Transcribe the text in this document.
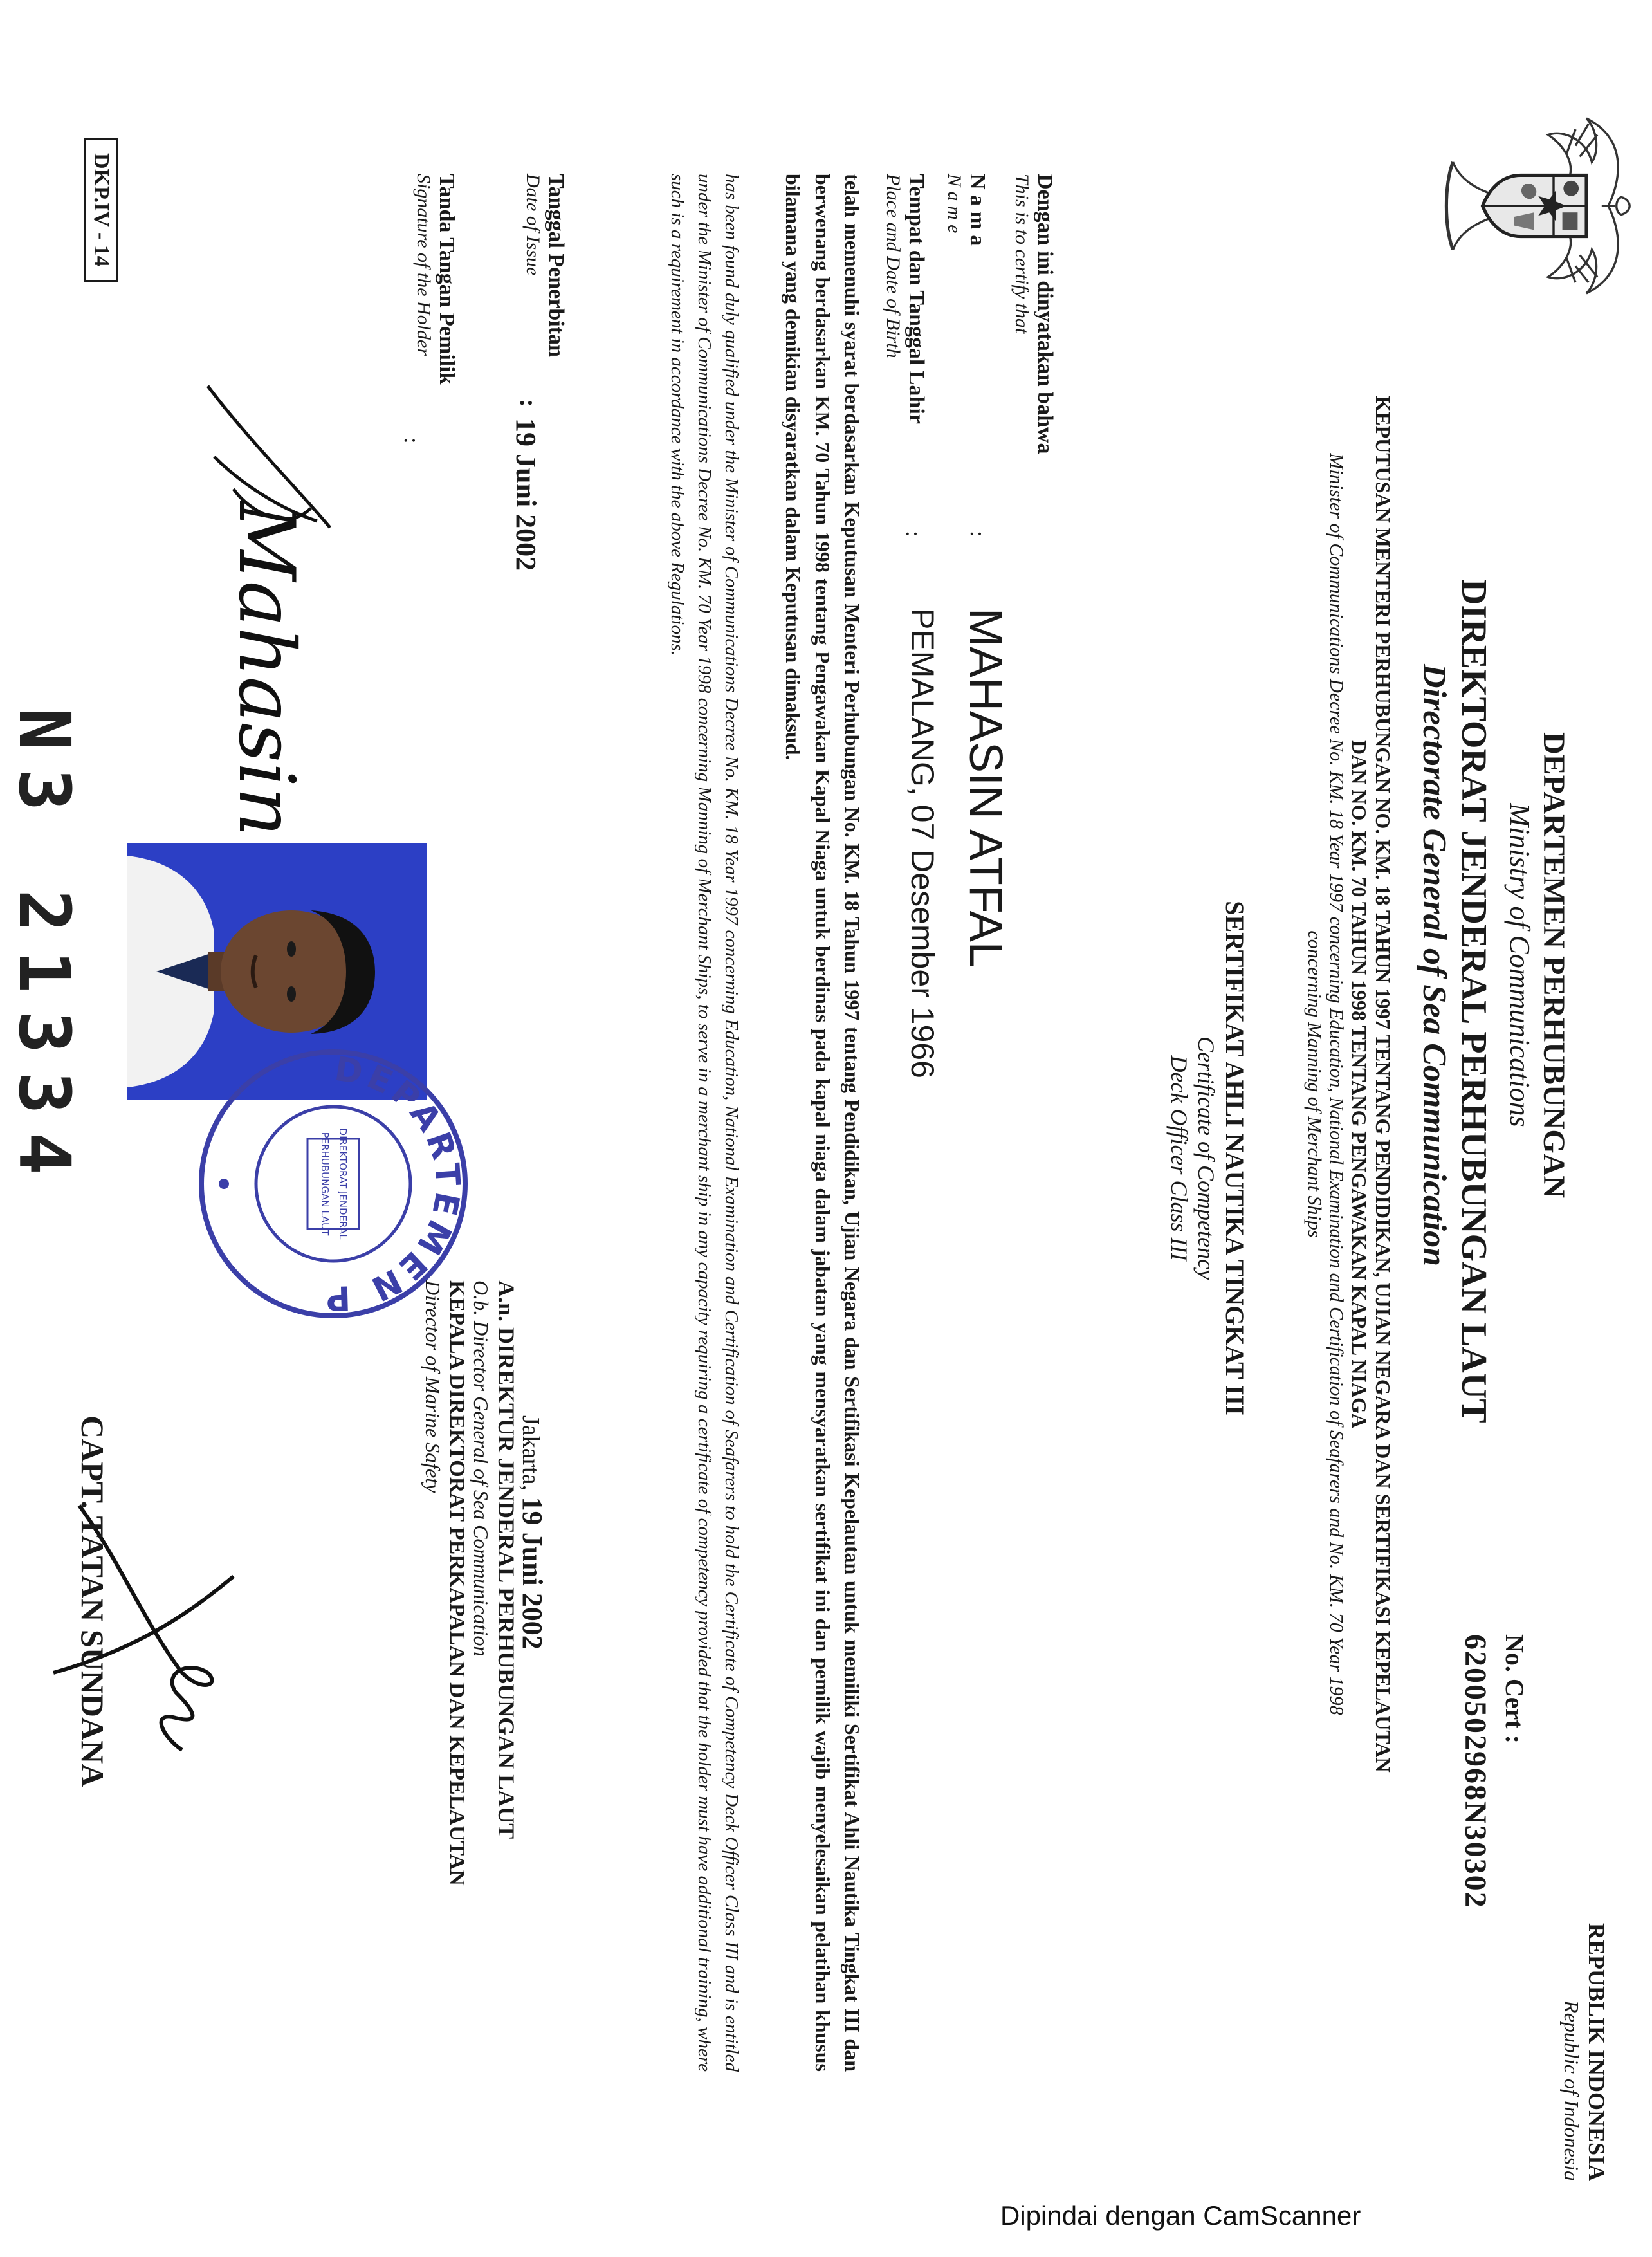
REPUBLIK INDONESIA
Republic of Indonesia
No. Cert :
6200502968N30302
DEPARTEMEN PERHUBUNGAN
Ministry of Communications
DIREKTORAT JENDERAL PERHUBUNGAN LAUT
Directorate General of Sea Communication
KEPUTUSAN MENTERI PERHUBUNGAN NO. KM. 18 TAHUN 1997 TENTANG PENDIDIKAN, UJIAN NEGARA DAN SERTIFIKASI KEPELAUTAN
DAN NO. KM. 70 TAHUN 1998 TENTANG PENGAWAKAN KAPAL NIAGA
Minister of Communications Decree No. KM. 18 Year 1997 concerning Education, National Examination and Certification of Seafarers and No. KM. 70 Year 1998
concerning Manning of Merchant Ships
SERTIFIKAT AHLI NAUTIKA TINGKAT III
Certificate of Competency
Deck Officer Class III
Dengan ini dinyatakan bahwa
This is to certify that
N a m a
N a m e
:
MAHASIN ATFAL
Tempat dan Tanggal Lahir
Place and Date of Birth
:
PEMALANG, 07 Desember 1966
telah memenuhi syarat berdasarkan Keputusan Menteri Perhubungan No. KM. 18 Tahun 1997 tentang Pendidikan, Ujian Negara dan Sertifikasi Kepelautan untuk memiliki Sertifikat Ahli Nautika Tingkat III dan berwenang berdasarkan KM. 70 Tahun 1998 tentang Pengawakan Kapal Niaga untuk berdinas pada kapal niaga dalam jabatan yang mensyaratkan sertifikat ini dan pemilik wajib menyelesaikan pelatihan khusus bilamana yang demikian disyaratkan dalam Keputusan dimaksud.
has been found duly qualified under the Minister of Communications Decree No. KM. 18 Year 1997 concerning Education, National Examination and Certification of Seafarers to hold the Certificate of Competency Deck Officer Class III and is entitled under the Minister of Communications Decree No. KM. 70 Year 1998 concerning Manning of Merchant Ships, to serve in a merchant ship in any capacity requiring a certificate of competency provided that the holder must have additional training, where such is a requirement in accordance with the above Regulations.
Tanggal Penerbitan
Date of Issue
:
19 Juni 2002
Tanda Tangan Pemilik
Signature of the Holder
:
Mahasin
DKP.IV - 14
N3 21334	DEPARTEMEN P
DIREKTORAT JENDERAL
PERHUBUNGAN LAUT
Jakarta, 19 Juni 2002
A.n. DIREKTUR JENDERAL PERHUBUNGAN LAUT
O.b. Director General of Sea Communication
KEPALA DIREKTORAT PERKAPALAN DAN KEPELAUTAN
Director of Marine Safety
CAPT. TATAN SUNDANA
Dipindai dengan CamScanner
